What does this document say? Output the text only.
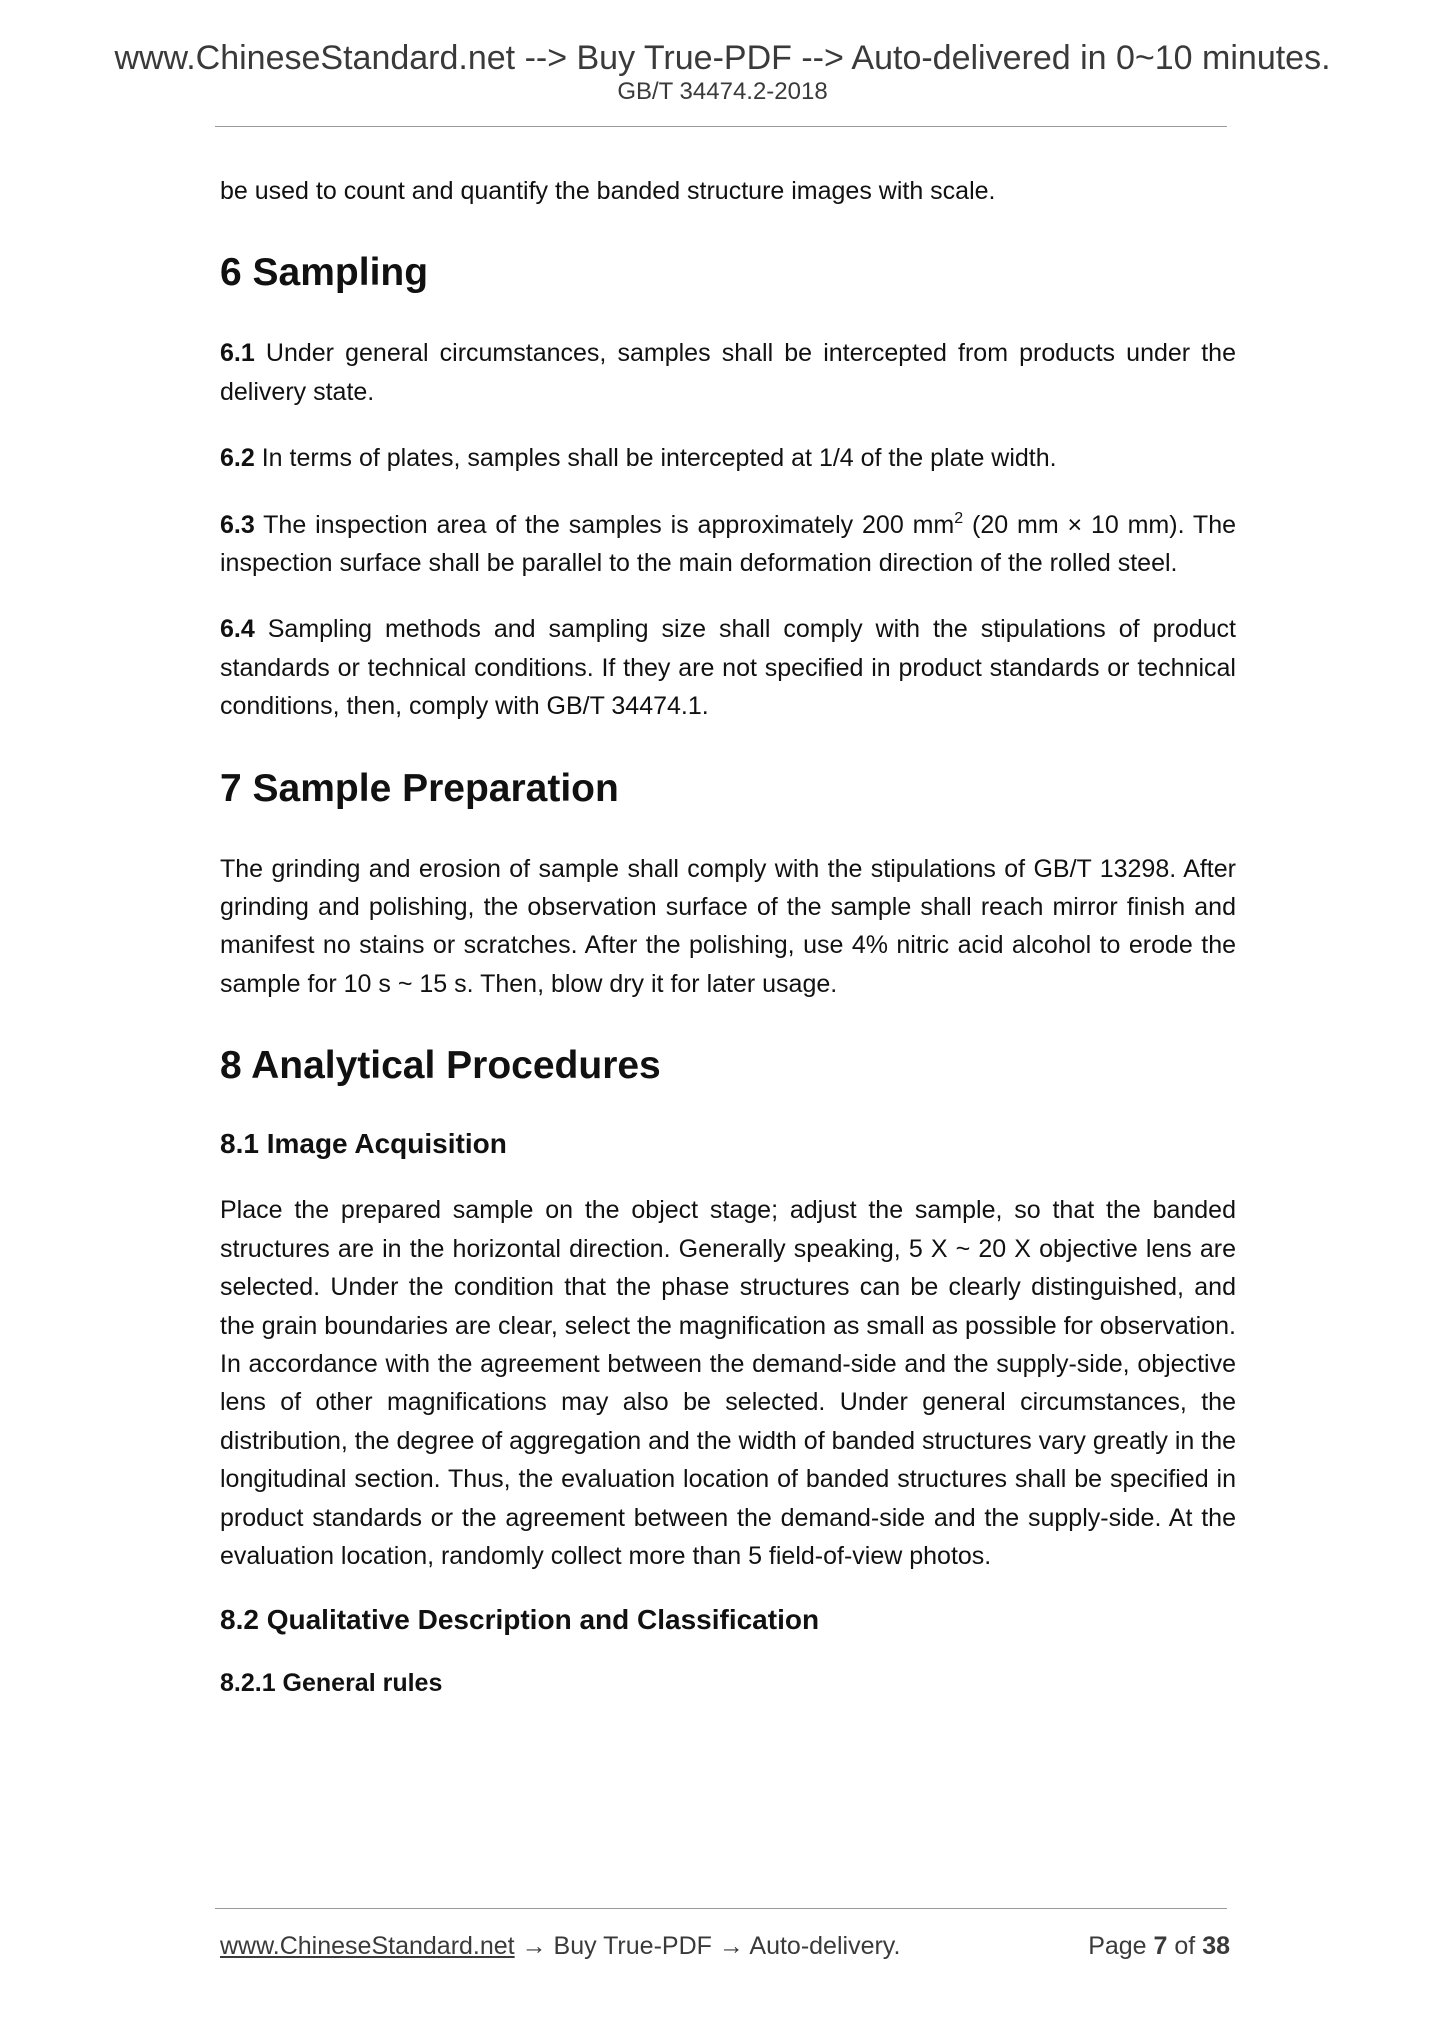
www.ChineseStandard.net --> Buy True-PDF --> Auto-delivered in 0~10 minutes.
GB/T 34474.2-2018

be used to count and quantify the banded structure images with scale.

6 Sampling

6.1 Under general circumstances, samples shall be intercepted from products under the delivery state.

6.2 In terms of plates, samples shall be intercepted at 1/4 of the plate width.

6.3 The inspection area of the samples is approximately 200 $mm^2$ (20 mm × 10 mm). The inspection surface shall be parallel to the main deformation direction of the rolled steel.

6.4 Sampling methods and sampling size shall comply with the stipulations of product standards or technical conditions. If they are not specified in product standards or technical conditions, then, comply with GB/T 34474.1.

7 Sample Preparation

The grinding and erosion of sample shall comply with the stipulations of GB/T 13298. After grinding and polishing, the observation surface of the sample shall reach mirror finish and manifest no stains or scratches. After the polishing, use 4% nitric acid alcohol to erode the sample for 10 s ~ 15 s. Then, blow dry it for later usage.

8 Analytical Procedures
8.1 Image Acquisition

Place the prepared sample on the object stage; adjust the sample, so that the banded structures are in the horizontal direction. Generally speaking, 5 X ~ 20 X objective lens are selected. Under the condition that the phase structures can be clearly distinguished, and the grain boundaries are clear, select the magnification as small as possible for observation. In accordance with the agreement between the demand-side and the supply-side, objective lens of other magnifications may also be selected. Under general circumstances, the distribution, the degree of aggregation and the width of banded structures vary greatly in the longitudinal section. Thus, the evaluation location of banded structures shall be specified in product standards or the agreement between the demand-side and the supply-side. At the evaluation location, randomly collect more than 5 field-of-view photos.

8.2 Qualitative Description and Classification
8.2.1 General rules
www.ChineseStandard.net → Buy True-PDF → Auto-delivery.	Page 7 of 38
